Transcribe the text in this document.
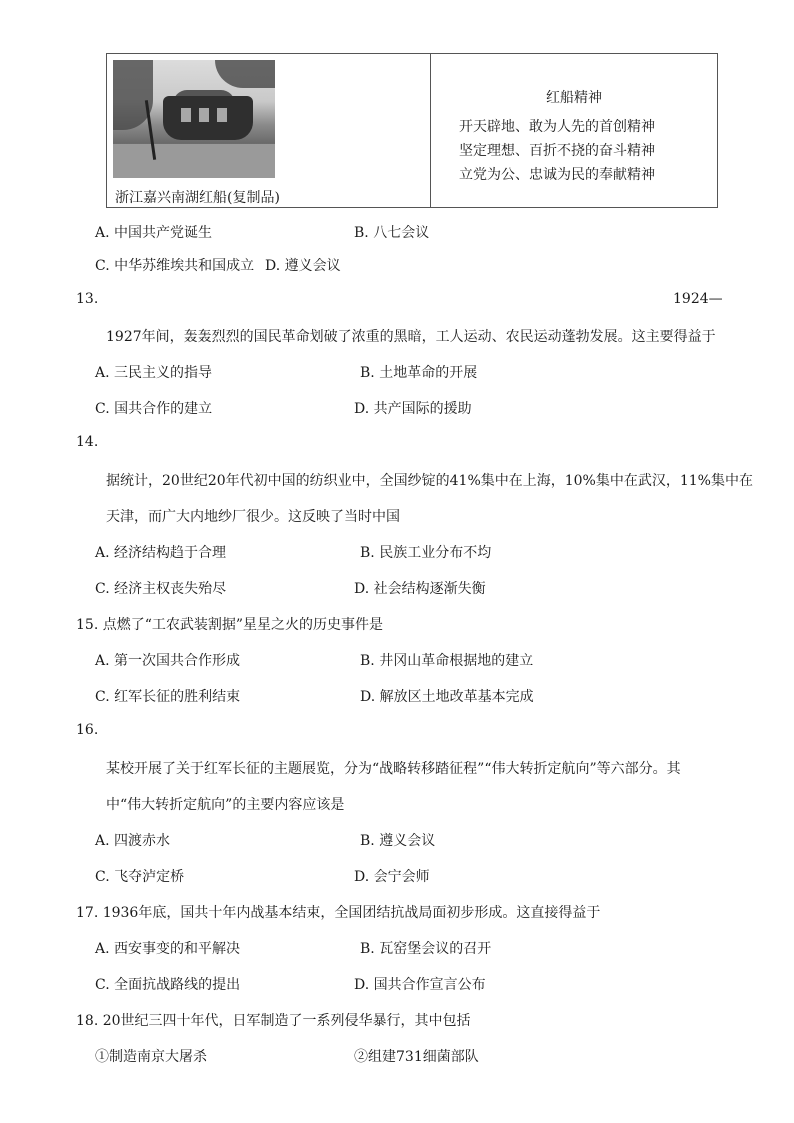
浙江嘉兴南湖红船(复制品)
红船精神
开天辟地、敢为人先的首创精神
坚定理想、百折不挠的奋斗精神
立党为公、忠诚为民的奉献精神
A. 中国共产党诞生	B. 八七会议
C. 中华苏维埃共和国成立 D. 遵义会议
13.	1924—
1927年间，轰轰烈烈的国民革命划破了浓重的黑暗，工人运动、农民运动蓬勃发展。这主要得益于
A. 三民主义的指导	B. 土地革命的开展
C. 国共合作的建立	D. 共产国际的援助
14.
据统计，20世纪20年代初中国的纺织业中，全国纱锭的41%集中在上海，10%集中在武汉，11%集中在
天津，而广大内地纱厂很少。这反映了当时中国
A. 经济结构趋于合理	B. 民族工业分布不均
C. 经济主权丧失殆尽	D. 社会结构逐渐失衡
15. 点燃了“工农武装割据”星星之火的历史事件是
A. 第一次国共合作形成	B. 井冈山革命根据地的建立
C. 红军长征的胜利结束	D. 解放区土地改革基本完成
16.
某校开展了关于红军长征的主题展览，分为“战略转移踏征程”“伟大转折定航向”等六部分。其
中“伟大转折定航向”的主要内容应该是
A. 四渡赤水	B. 遵义会议
C. 飞夺泸定桥	D. 会宁会师
17. 1936年底，国共十年内战基本结束，全国团结抗战局面初步形成。这直接得益于
A. 西安事变的和平解决	B. 瓦窑堡会议的召开
C. 全面抗战路线的提出	D. 国共合作宣言公布
18. 20世纪三四十年代，日军制造了一系列侵华暴行，其中包括
①制造南京大屠杀	②组建731细菌部队
